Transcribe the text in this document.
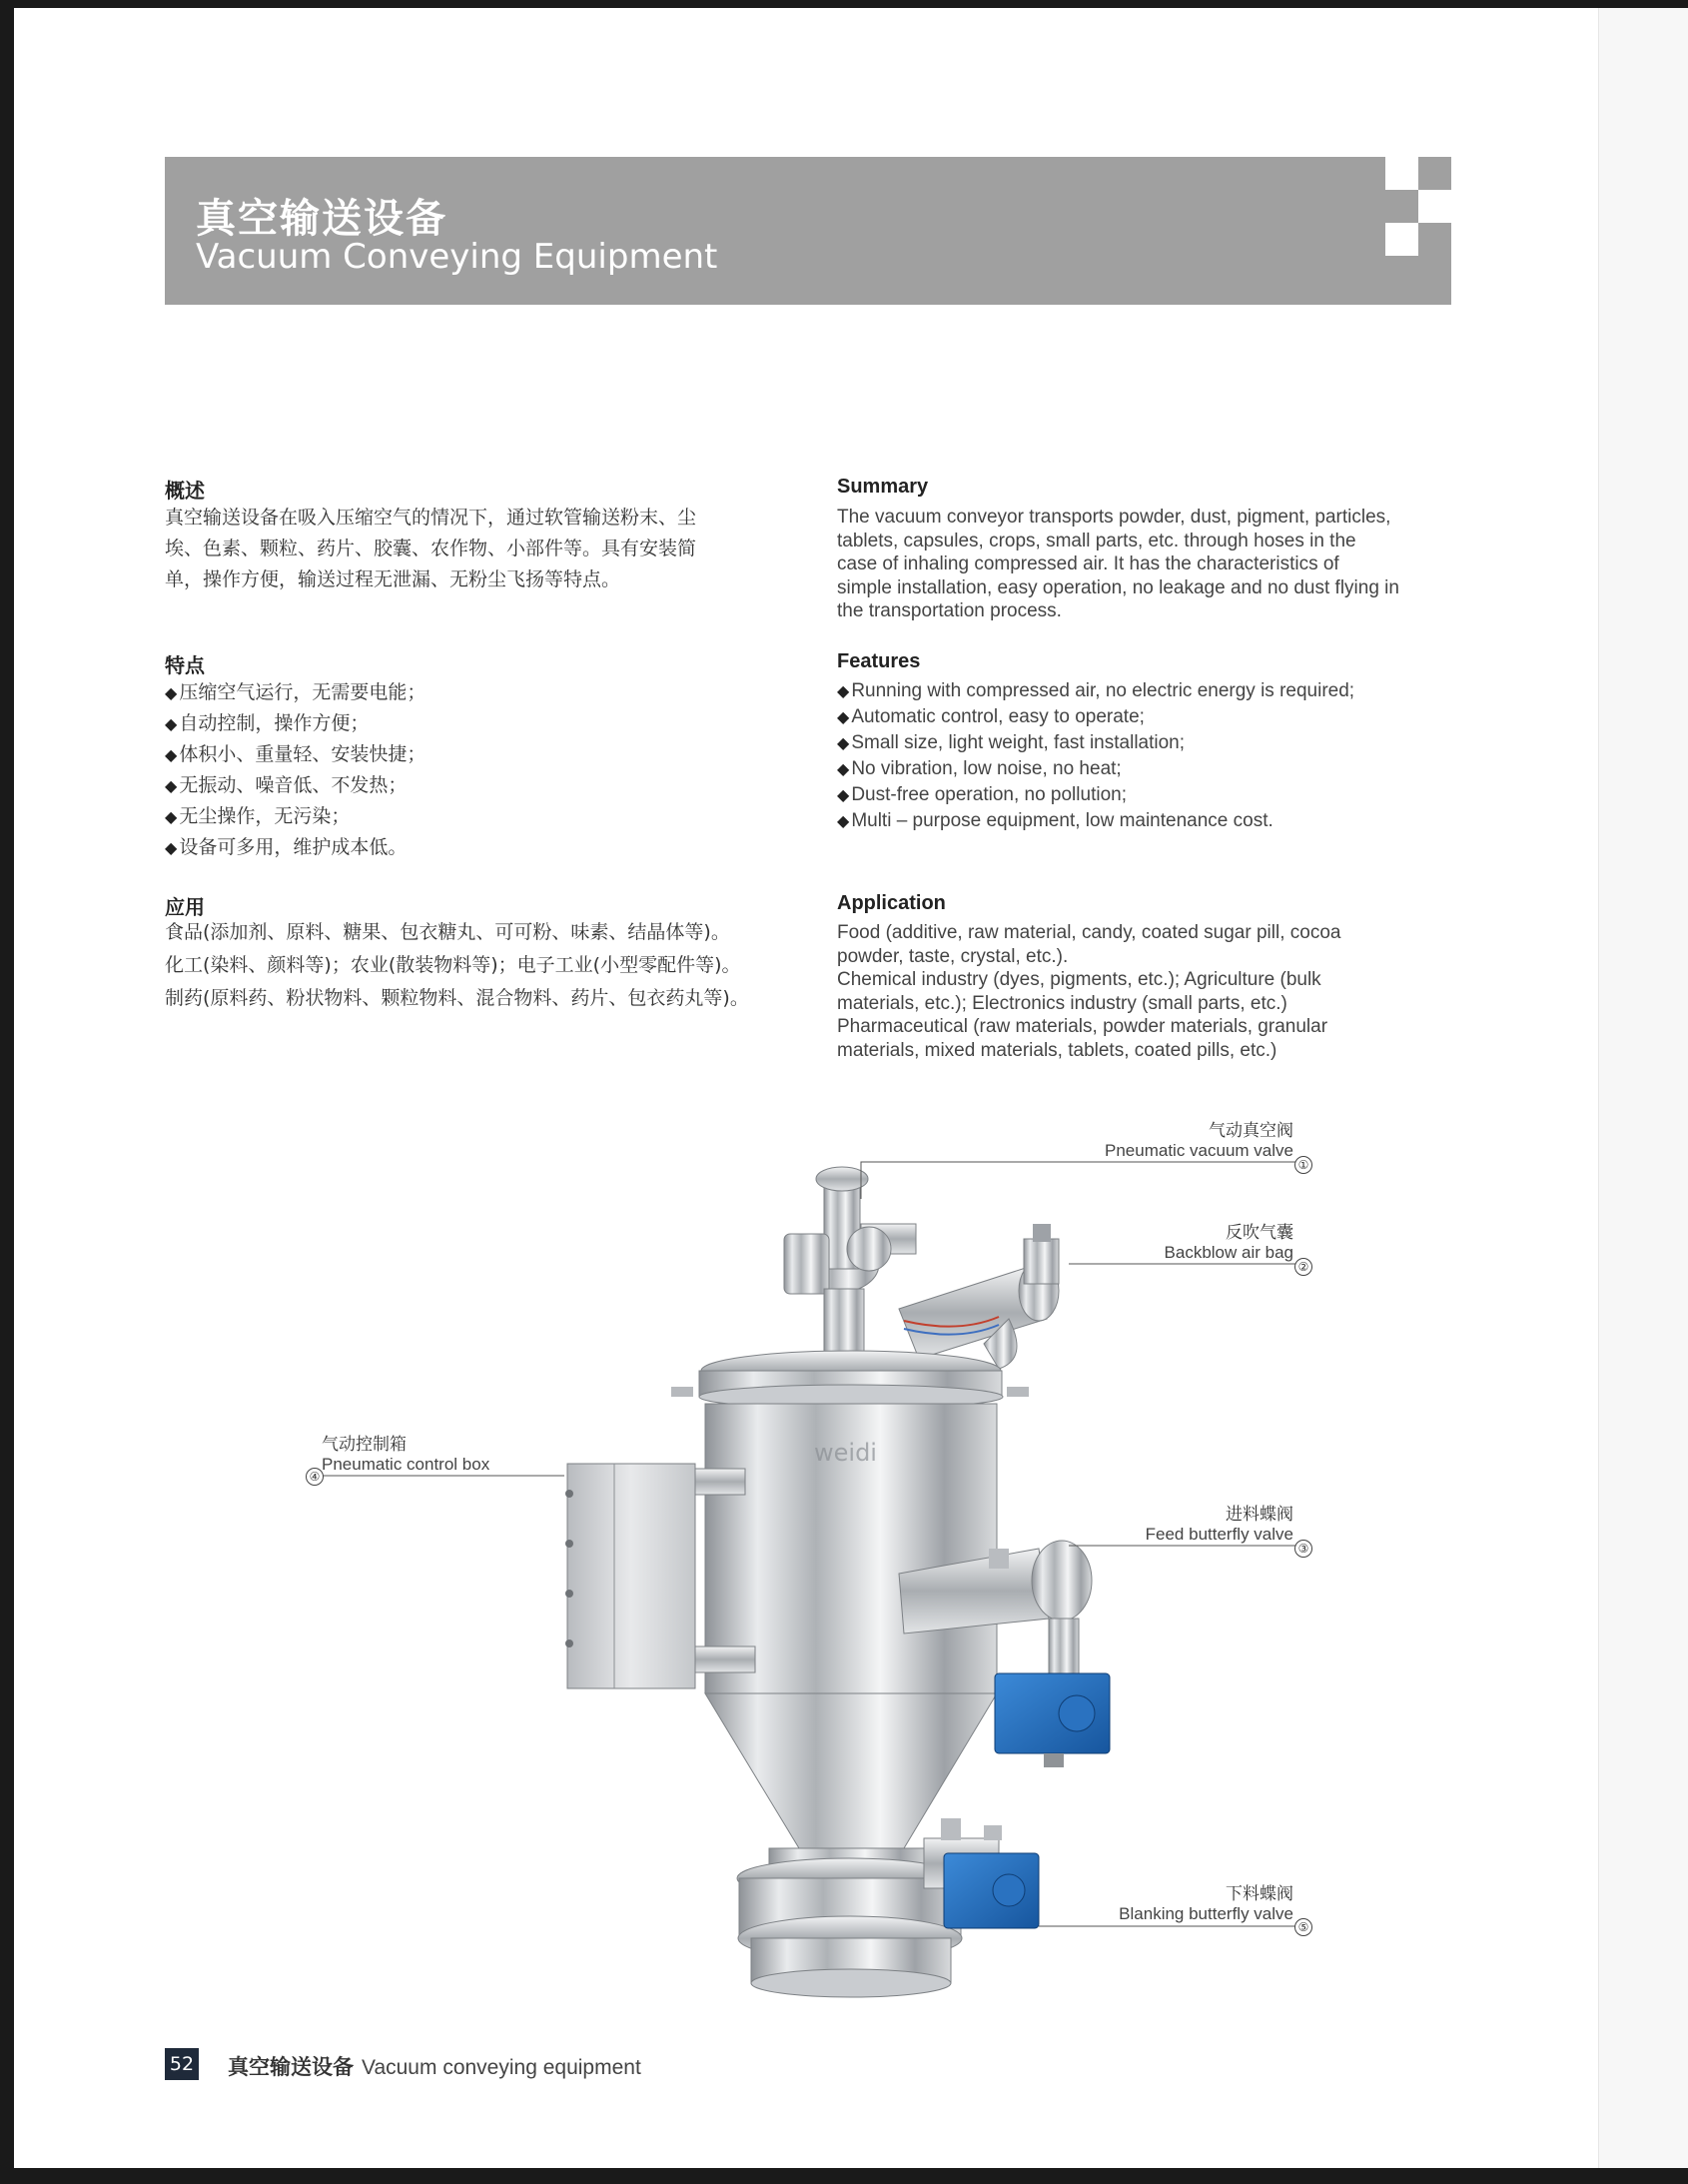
真空输送设备
Vacuum Conveying Equipment
概述
真空输送设备在吸入压缩空气的情况下，通过软管输送粉末、尘
埃、色素、颗粒、药片、胶囊、农作物、小部件等。具有安装简
单，操作方便，输送过程无泄漏、无粉尘飞扬等特点。
Summary
The vacuum conveyor transports powder, dust, pigment, particles,
tablets, capsules, crops, small parts, etc. through hoses in the
case of inhaling compressed air. It has the characteristics of
simple installation, easy operation, no leakage and no dust flying in
the transportation process.
特点
◆ 压缩空气运行，无需要电能；
◆ 自动控制，操作方便；
◆ 体积小、重量轻、安装快捷；
◆ 无振动、噪音低、不发热；
◆ 无尘操作，无污染；
◆ 设备可多用，维护成本低。
Features
◆ Running with compressed air, no electric energy is required;
◆ Automatic control, easy to operate;
◆ Small size, light weight, fast installation;
◆ No vibration, low noise, no heat;
◆ Dust-free operation, no pollution;
◆ Multi – purpose equipment, low maintenance cost.
应用
食品(添加剂、原料、糖果、包衣糖丸、可可粉、味素、结晶体等)。
化工(染料、颜料等)；农业(散装物料等)；电子工业(小型零配件等)。
制药(原料药、粉状物料、颗粒物料、混合物料、药片、包衣药丸等)。
Application
Food (additive, raw material, candy, coated sugar pill, cocoa
powder, taste, crystal, etc.).
Chemical industry (dyes, pigments, etc.); Agriculture (bulk
materials, etc.); Electronics industry (small parts, etc.)
Pharmaceutical (raw materials, powder materials, granular
materials, mixed materials, tablets, coated pills, etc.)
weidi
气动真空阀
Pneumatic vacuum valve
①
反吹气囊
Backblow air bag
②
气动控制箱
Pneumatic control box
④
进料蝶阀
Feed butterfly valve
③
下料蝶阀
Blanking butterfly valve
⑤
52 真空输送设备 Vacuum conveying equipment
